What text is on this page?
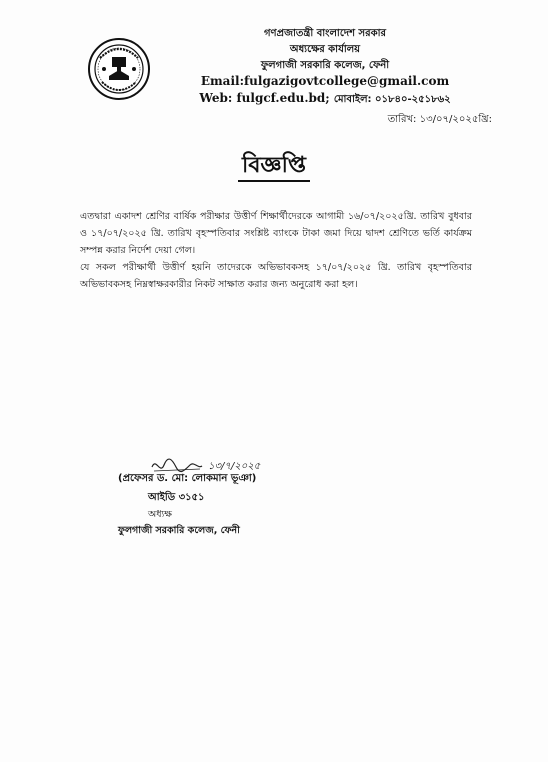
গণপ্রজাতন্ত্রী বাংলাদেশ সরকার
অধ্যক্ষের কার্যালয়
ফুলগাজী সরকারি কলেজ, ফেনী
Email:fulgazigovtcollege@gmail.com
Web: fulgcf.edu.bd; মোবাইল: ০১৮৪০-২৫১৮৬২
তারিখ: ১৩/০৭/২০২৫খ্রি:
বিজ্ঞপ্তি

এতদ্বারা একাদশ শ্রেণির বার্ষিক পরীক্ষার উত্তীর্ণ শিক্ষার্থীদেরকে আগামী ১৬/০৭/২০২৫খ্রি. তারিখ বুধবার ও ১৭/০৭/২০২৫ খ্রি. তারিখ বৃহস্পতিবার সংশ্লিষ্ট ব্যাংকে টাকা জমা দিয়ে দ্বাদশ শ্রেণিতে ভর্তি কার্যক্রম সম্পন্ন করার নির্দেশ দেয়া গেল।

যে সকল পরীক্ষার্থী উত্তীর্ণ হয়নি তাদেরকে অভিভাবকসহ ১৭/০৭/২০২৫ খ্রি. তারিখ বৃহস্পতিবার অভিভাবকসহ নিম্নস্বাক্ষরকারীর নিকট সাক্ষাত করার জন্য অনুরোধ করা হল।

১৩/৭/২০২৫
(প্রফেসর ড. মো: লোকমান ভূঞা)
আইডি ৩১৫১
অধ্যক্ষ
ফুলগাজী সরকারি কলেজ, ফেনী
